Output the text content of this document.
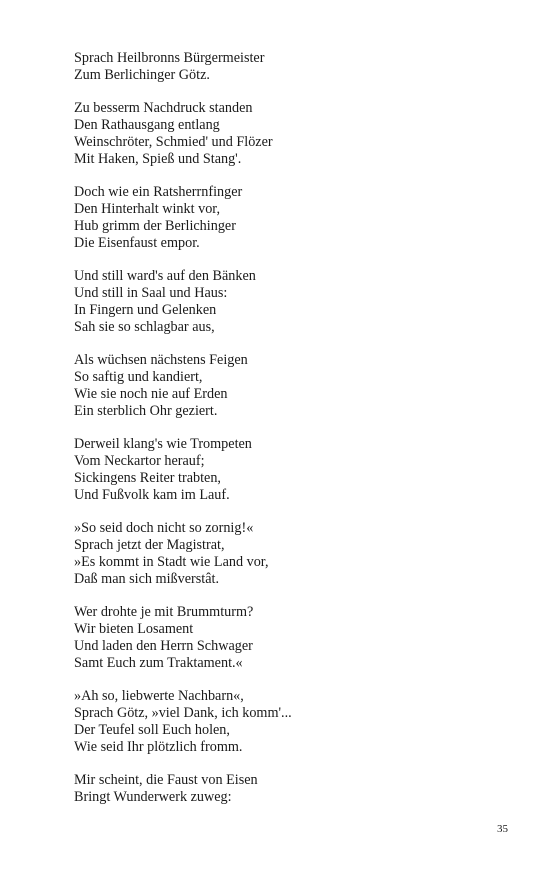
Sprach Heilbronns Bürgermeister
Zum Berlichinger Götz.
Zu besserm Nachdruck standen
Den Rathausgang entlang
Weinschröter, Schmied' und Flözer
Mit Haken, Spieß und Stang'.
Doch wie ein Ratsherrnfinger
Den Hinterhalt winkt vor,
Hub grimm der Berlichinger
Die Eisenfaust empor.
Und still ward's auf den Bänken
Und still in Saal und Haus:
In Fingern und Gelenken
Sah sie so schlagbar aus,
Als wüchsen nächstens Feigen
So saftig und kandiert,
Wie sie noch nie auf Erden
Ein sterblich Ohr geziert.
Derweil klang's wie Trompeten
Vom Neckartor herauf;
Sickingens Reiter trabten,
Und Fußvolk kam im Lauf.
»So seid doch nicht so zornig!«
Sprach jetzt der Magistrat,
»Es kommt in Stadt wie Land vor,
Daß man sich mißverstât.
Wer drohte je mit Brummturm?
Wir bieten Losament
Und laden den Herrn Schwager
Samt Euch zum Traktament.«
»Ah so, liebwerte Nachbarn«,
Sprach Götz, »viel Dank, ich komm'...
Der Teufel soll Euch holen,
Wie seid Ihr plötzlich fromm.
Mir scheint, die Faust von Eisen
Bringt Wunderwerk zuweg:
35
